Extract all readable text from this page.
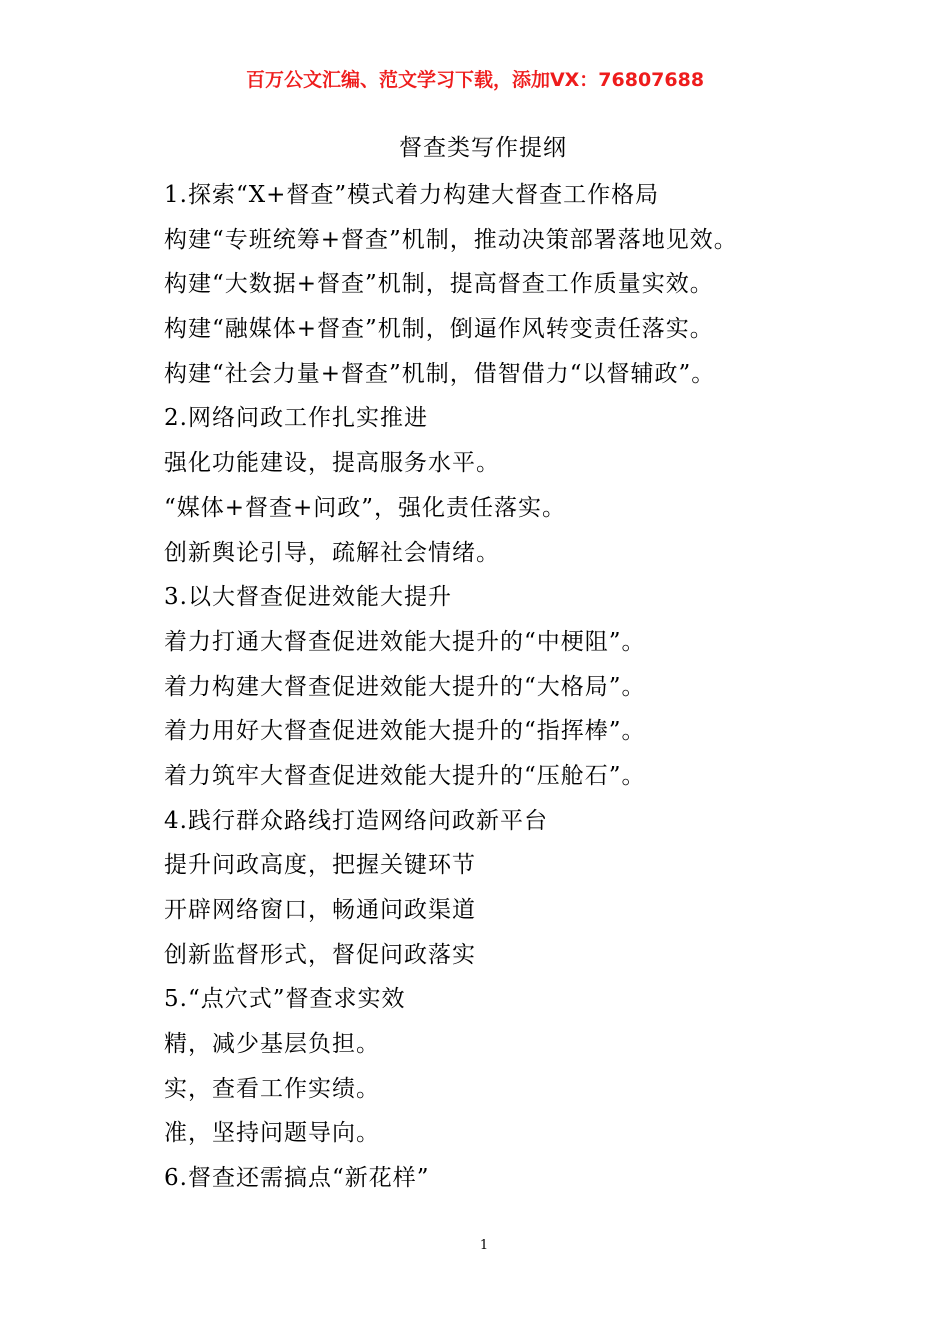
百万公文汇编、范文学习下载，添加VX：76807688
督查类写作提纲
1.探索“X+督查”模式着力构建大督查工作格局
构建“专班统筹+督查”机制，推动决策部署落地见效。
构建“大数据+督查”机制，提高督查工作质量实效。
构建“融媒体+督查”机制，倒逼作风转变责任落实。
构建“社会力量+督查”机制，借智借力“以督辅政”。
2.网络问政工作扎实推进
强化功能建设，提高服务水平。
“媒体+督查+问政”，强化责任落实。
创新舆论引导，疏解社会情绪。
3.以大督查促进效能大提升
着力打通大督查促进效能大提升的“中梗阻”。
着力构建大督查促进效能大提升的“大格局”。
着力用好大督查促进效能大提升的“指挥棒”。
着力筑牢大督查促进效能大提升的“压舱石”。
4.践行群众路线打造网络问政新平台
提升问政高度，把握关键环节
开辟网络窗口，畅通问政渠道
创新监督形式，督促问政落实
5.“点穴式”督查求实效
精，减少基层负担。
实，查看工作实绩。
准，坚持问题导向。
6.督查还需搞点“新花样”
1
